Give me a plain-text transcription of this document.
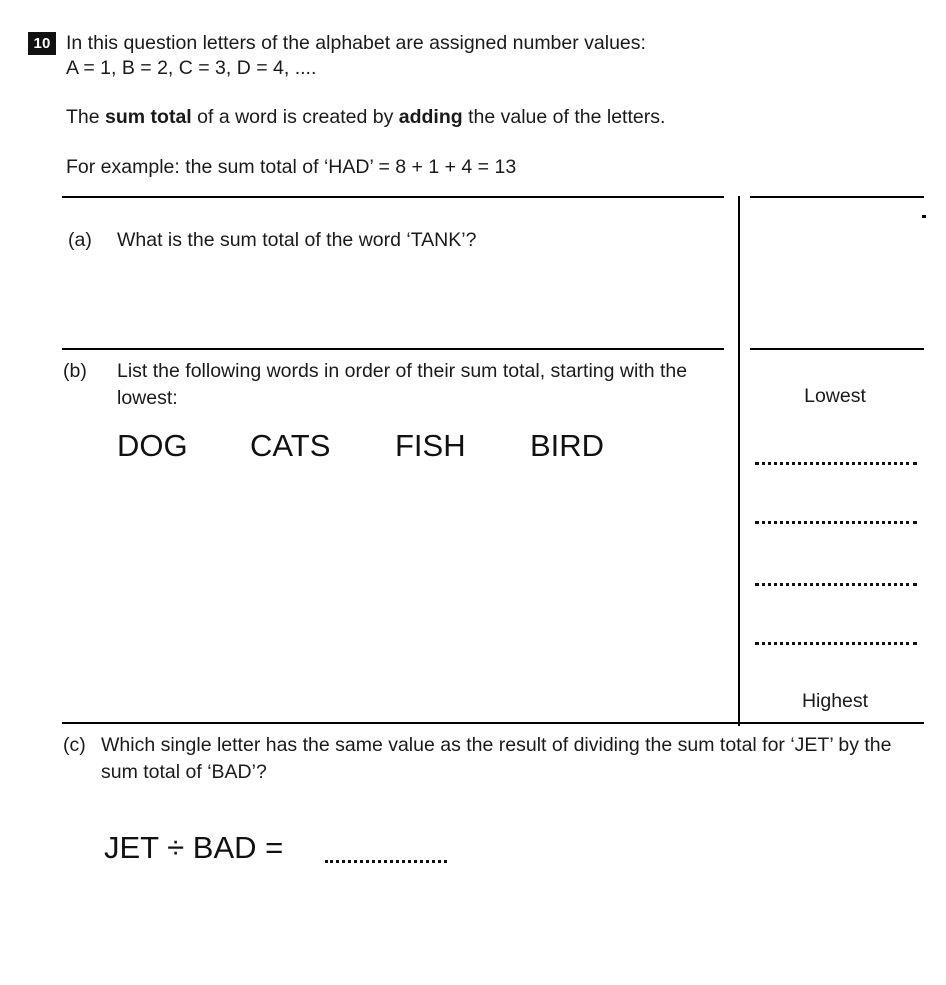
10 In this question letters of the alphabet are assigned number values:
A = 1, B = 2, C = 3, D = 4, ....
The sum total of a word is created by adding the value of the letters.
For example: the sum total of ‘HAD’ = 8 + 1 + 4 = 13
(a) What is the sum total of the word ‘TANK’?
(b) List the following words in order of their sum total, starting with the lowest:
DOG CATS FISH BIRD
Lowest
Highest
(c) Which single letter has the same value as the result of dividing the sum total for ‘JET’ by the sum total of ‘BAD’?
JET ÷ BAD =
